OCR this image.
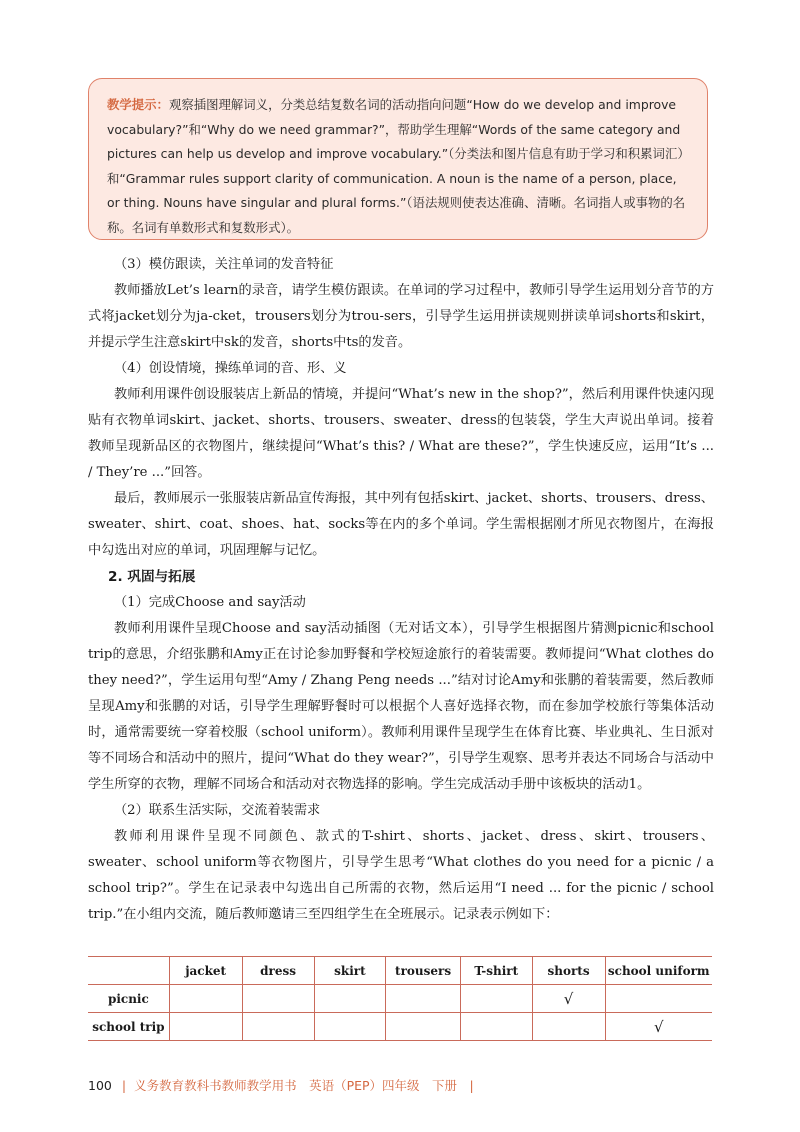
教学提示：观察插图理解词义，分类总结复数名词的活动指向问题“How do we develop and improve vocabulary?”和“Why do we need grammar?”，帮助学生理解“Words of the same category and pictures can help us develop and improve vocabulary.”（分类法和图片信息有助于学习和积累词汇）和“Grammar rules support clarity of communication. A noun is the name of a person, place, or thing. Nouns have singular and plural forms.”（语法规则使表达准确、清晰。名词指人或事物的名称。名词有单数形式和复数形式）。

（3）模仿跟读，关注单词的发音特征

教师播放Let’s learn的录音，请学生模仿跟读。在单词的学习过程中，教师引导学生运用划分音节的方式将jacket划分为ja-cket，trousers划分为trou-sers，引导学生运用拼读规则拼读单词shorts和skirt，并提示学生注意skirt中sk的发音，shorts中ts的发音。

（4）创设情境，操练单词的音、形、义

教师利用课件创设服装店上新品的情境，并提问“What’s new in the shop?”，然后利用课件快速闪现贴有衣物单词skirt、jacket、shorts、trousers、sweater、dress的包装袋，学生大声说出单词。接着教师呈现新品区的衣物图片，继续提问“What’s this? / What are these?”，学生快速反应，运用“It’s ... / They’re ...”回答。

最后，教师展示一张服装店新品宣传海报，其中列有包括skirt、jacket、shorts、trousers、dress、sweater、shirt、coat、shoes、hat、socks等在内的多个单词。学生需根据刚才所见衣物图片，在海报中勾选出对应的单词，巩固理解与记忆。

2. 巩固与拓展

（1）完成Choose and say活动

教师利用课件呈现Choose and say活动插图（无对话文本），引导学生根据图片猜测picnic和school trip的意思，介绍张鹏和Amy正在讨论参加野餐和学校短途旅行的着装需要。教师提问“What clothes do they need?”，学生运用句型“Amy / Zhang Peng needs ...”结对讨论Amy和张鹏的着装需要，然后教师呈现Amy和张鹏的对话，引导学生理解野餐时可以根据个人喜好选择衣物，而在参加学校旅行等集体活动时，通常需要统一穿着校服（school uniform）。教师利用课件呈现学生在体育比赛、毕业典礼、生日派对等不同场合和活动中的照片，提问“What do they wear?”，引导学生观察、思考并表达不同场合与活动中学生所穿的衣物，理解不同场合和活动对衣物选择的影响。学生完成活动手册中该板块的活动1。

（2）联系生活实际，交流着装需求

教师利用课件呈现不同颜色、款式的T-shirt、shorts、jacket、dress、skirt、trousers、sweater、school uniform等衣物图片，引导学生思考“What clothes do you need for a picnic / a school trip?”。学生在记录表中勾选出自己所需的衣物，然后运用“I need ... for the picnic / school trip.”在小组内交流，随后教师邀请三至四组学生在全班展示。记录表示例如下：

	jacket	dress	skirt	trousers	T-shirt	shorts	school uniform
picnic						√	
school trip							√
100 | 义务教育教科书教师教学用书　英语（PEP）四年级　下册　|
